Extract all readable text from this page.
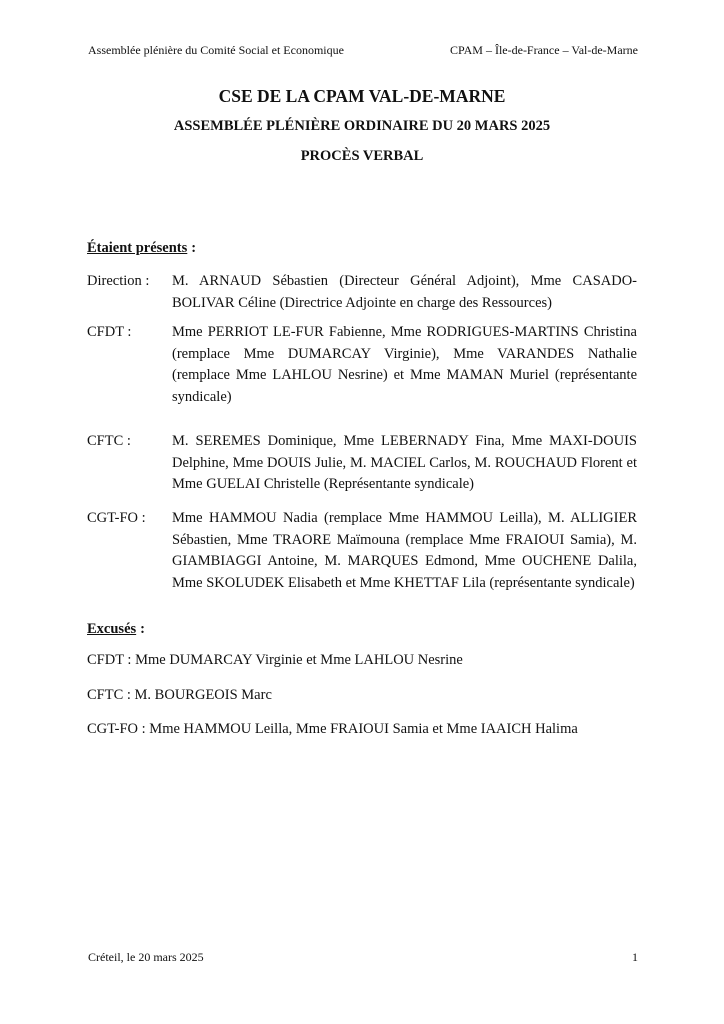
Assemblée plénière du Comité Social et Economique	CPAM – Île-de-France – Val-de-Marne
CSE DE LA CPAM VAL-DE-MARNE
ASSEMBLÉE PLÉNIÈRE ORDINAIRE DU 20 MARS 2025
PROCÈS VERBAL
Étaient présents :
Direction : M. ARNAUD Sébastien (Directeur Général Adjoint), Mme CASADO-BOLIVAR Céline (Directrice Adjointe en charge des Ressources)
CFDT :	Mme PERRIOT LE-FUR Fabienne, Mme RODRIGUES-MARTINS Christina (remplace Mme DUMARCAY Virginie), Mme VARANDES Nathalie (remplace Mme LAHLOU Nesrine) et Mme MAMAN Muriel (représentante syndicale)
CFTC :	M. SEREMES Dominique, Mme LEBERNADY Fina, Mme MAXI-DOUIS Delphine, Mme DOUIS Julie, M. MACIEL Carlos, M. ROUCHAUD Florent et Mme GUELAI Christelle (Représentante syndicale)
CGT-FO : Mme HAMMOU Nadia (remplace Mme HAMMOU Leilla), M. ALLIGIER Sébastien, Mme TRAORE Maïmouna (remplace Mme FRAIOUI Samia), M. GIAMBIAGGI Antoine, M. MARQUES Edmond, Mme OUCHENE Dalila, Mme SKOLUDEK Elisabeth et Mme KHETTAF Lila (représentante syndicale)
Excusés :
CFDT : Mme DUMARCAY Virginie et Mme LAHLOU Nesrine
CFTC : M. BOURGEOIS Marc
CGT-FO : Mme HAMMOU Leilla, Mme FRAIOUI Samia et Mme IAAICH Halima
Créteil, le 20 mars 2025	1
